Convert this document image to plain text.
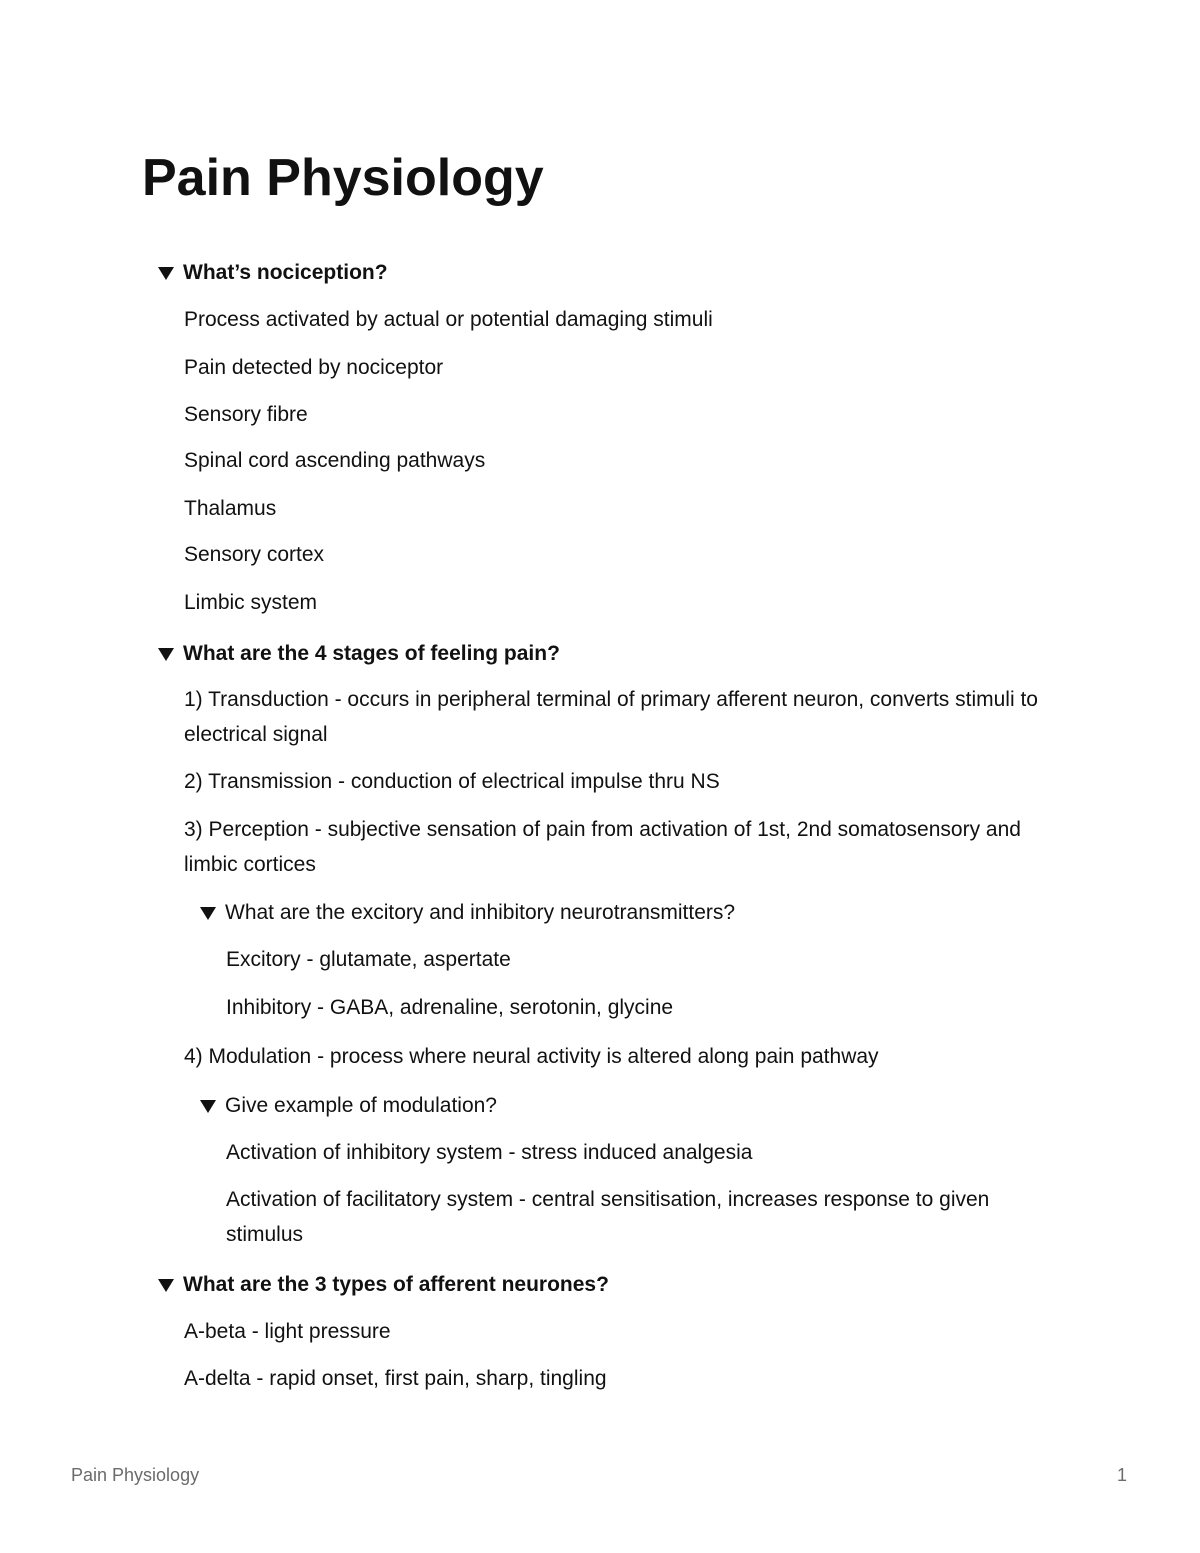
Pain Physiology
What’s nociception?
Process activated by actual or potential damaging stimuli
Pain detected by nociceptor
Sensory fibre
Spinal cord ascending pathways
Thalamus
Sensory cortex
Limbic system
What are the 4 stages of feeling pain?
1) Transduction - occurs in peripheral terminal of primary afferent neuron, converts stimuli to electrical signal
2) Transmission - conduction of electrical impulse thru NS
3) Perception - subjective sensation of pain from activation of 1st, 2nd somatosensory and limbic cortices
What are the excitory and inhibitory neurotransmitters?
Excitory - glutamate, aspertate
Inhibitory - GABA, adrenaline, serotonin, glycine
4) Modulation - process where neural activity is altered along pain pathway
Give example of modulation?
Activation of inhibitory system - stress induced analgesia
Activation of facilitatory system - central sensitisation, increases response to given stimulus
What are the 3 types of afferent neurones?
A-beta - light pressure
A-delta - rapid onset, first pain, sharp, tingling
Pain Physiology	1
